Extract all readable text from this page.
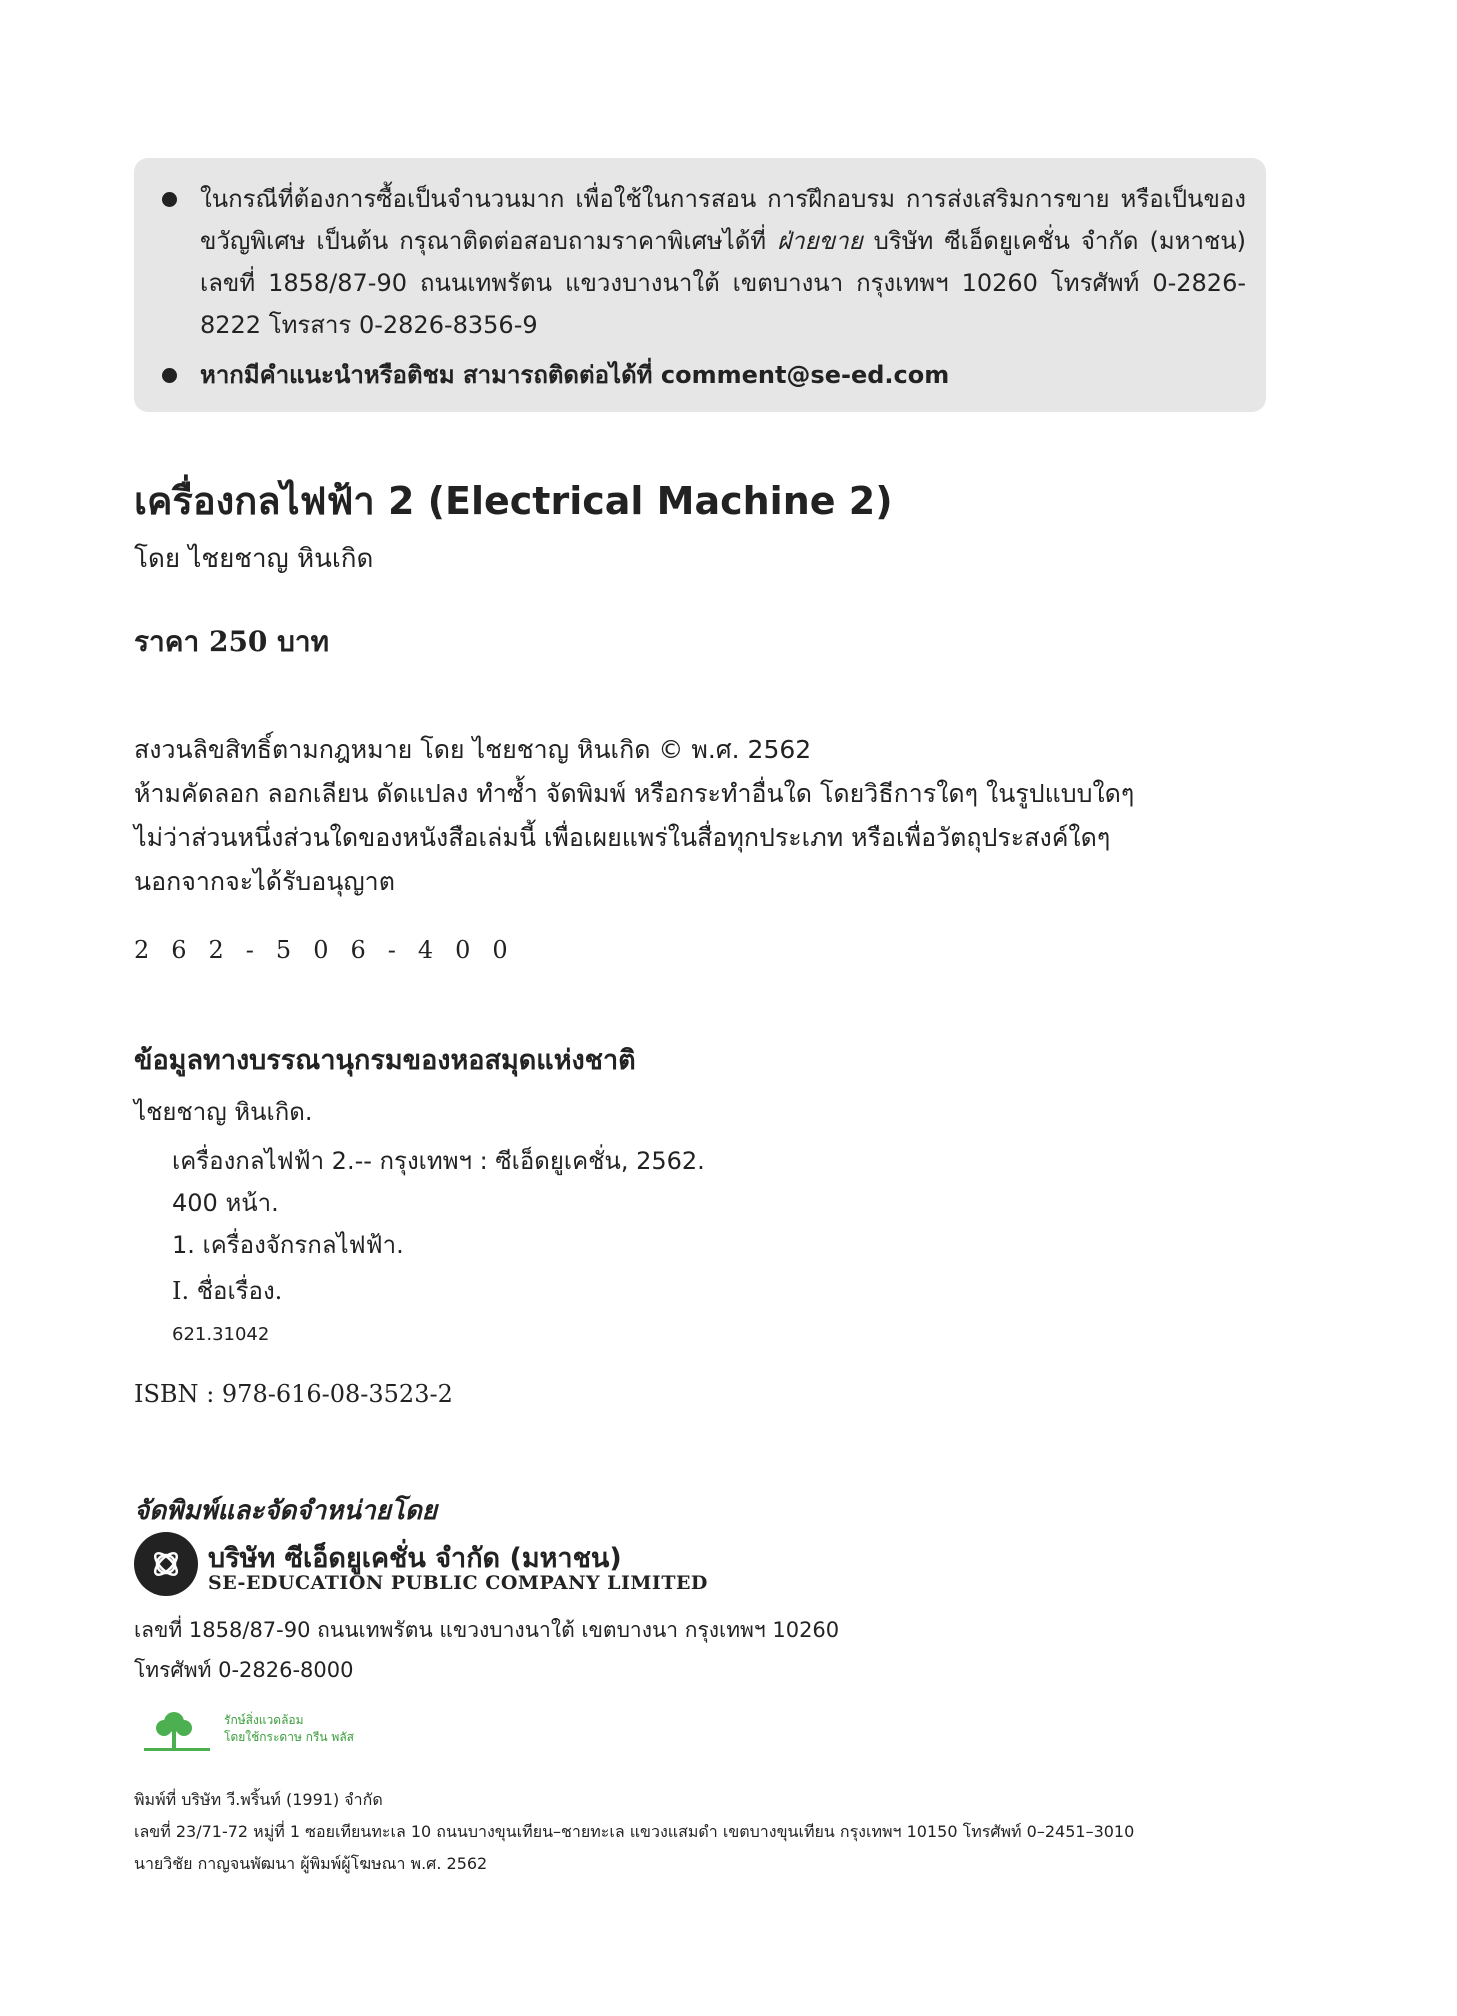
ในกรณีที่ต้องการซื้อเป็นจำนวนมาก เพื่อใช้ในการสอน การฝึกอบรม การส่งเสริมการขาย หรือเป็นของขวัญพิเศษ เป็นต้น กรุณาติดต่อสอบถามราคาพิเศษได้ที่ ฝ่ายขาย บริษัท ซีเอ็ดยูเคชั่น จำกัด (มหาชน) เลขที่ 1858/87-90 ถนนเทพรัตน แขวงบางนาใต้ เขตบางนา กรุงเทพฯ 10260 โทรศัพท์ 0-2826-8222 โทรสาร 0-2826-8356-9

หากมีคำแนะนำหรือติชม สามารถติดต่อได้ที่ comment@se-ed.com

เครื่องกลไฟฟ้า 2 (Electrical Machine 2)
โดย ไชยชาญ หินเกิด
ราคา 250 บาท
สงวนลิขสิทธิ์ตามกฎหมาย โดย ไชยชาญ หินเกิด © พ.ศ. 2562
ห้ามคัดลอก ลอกเลียน ดัดแปลง ทำซ้ำ จัดพิมพ์ หรือกระทำอื่นใด โดยวิธีการใดๆ ในรูปแบบใดๆ
ไม่ว่าส่วนหนึ่งส่วนใดของหนังสือเล่มนี้ เพื่อเผยแพร่ในสื่อทุกประเภท หรือเพื่อวัตถุประสงค์ใดๆ
นอกจากจะได้รับอนุญาต
262-506-400
ข้อมูลทางบรรณานุกรมของหอสมุดแห่งชาติ
ไชยชาญ หินเกิด.
เครื่องกลไฟฟ้า 2.-- กรุงเทพฯ : ซีเอ็ดยูเคชั่น, 2562.
400 หน้า.
1. เครื่องจักรกลไฟฟ้า.
I. ชื่อเรื่อง.
621.31042
ISBN : 978-616-08-3523-2
จัดพิมพ์และจัดจำหน่ายโดย
บริษัท ซีเอ็ดยูเคชั่น จำกัด (มหาชน)
SE-EDUCATION PUBLIC COMPANY LIMITED
เลขที่ 1858/87-90 ถนนเทพรัตน แขวงบางนาใต้ เขตบางนา กรุงเทพฯ 10260
โทรศัพท์ 0-2826-8000
รักษ์สิ่งแวดล้อม
โดยใช้กระดาษ กรีน พลัส
พิมพ์ที่ บริษัท วี.พริ้นท์ (1991) จำกัด
เลขที่ 23/71-72 หมู่ที่ 1 ซอยเทียนทะเล 10 ถนนบางขุนเทียน–ชายทะเล แขวงแสมดำ เขตบางขุนเทียน กรุงเทพฯ 10150 โทรศัพท์ 0–2451–3010
นายวิชัย กาญจนพัฒนา ผู้พิมพ์ผู้โฆษณา พ.ศ. 2562
